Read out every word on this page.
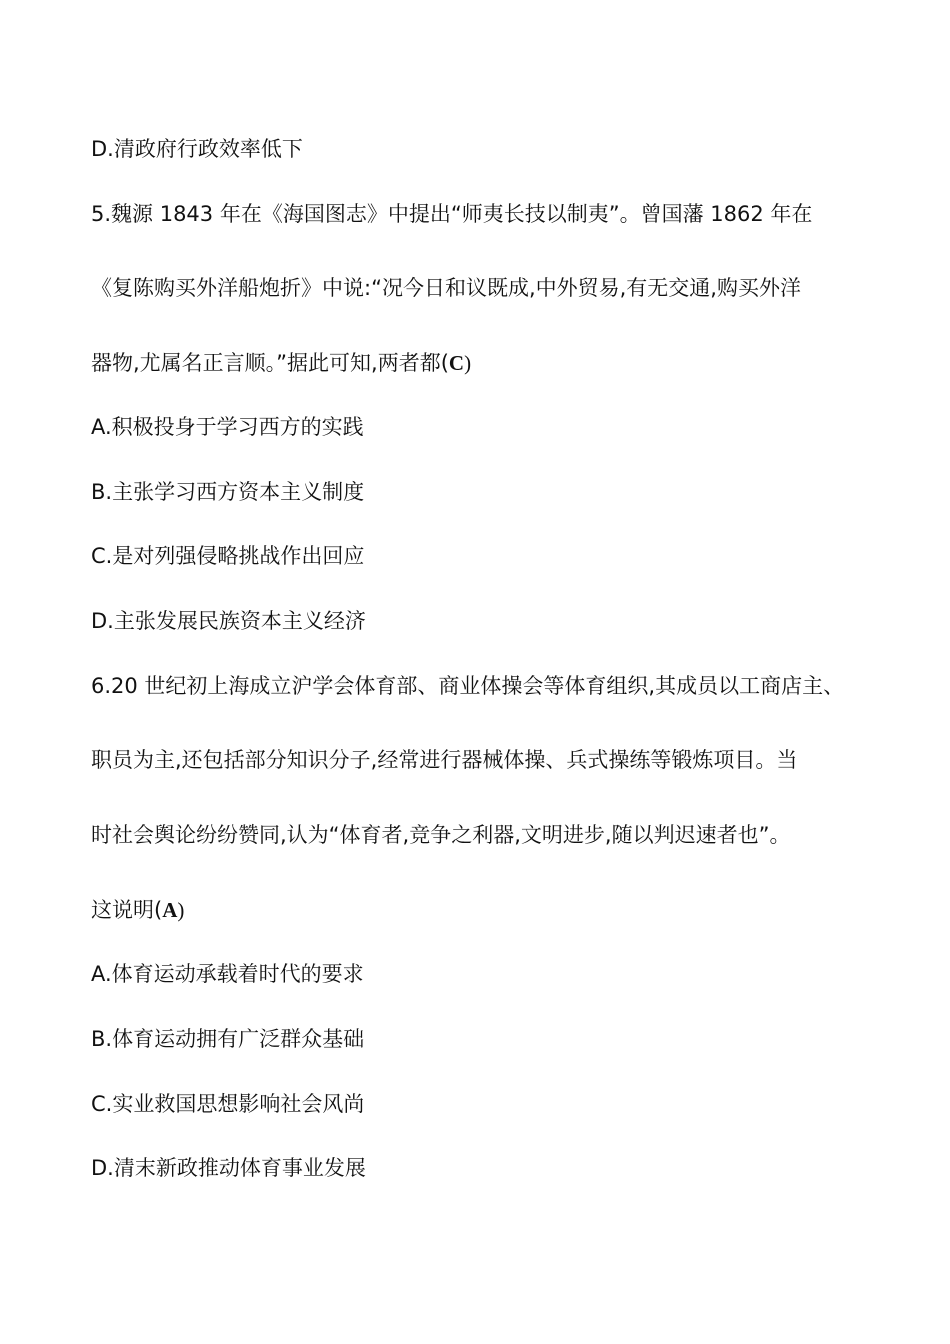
D.清政府行政效率低下

5.魏源 1843 年在《海国图志》中提出“师夷长技以制夷”。曾国藩 1862 年在

《复陈购买外洋船炮折》中说:“况今日和议既成,中外贸易,有无交通,购买外洋

器物,尤属名正言顺。”据此可知,两者都(C)

A.积极投身于学习西方的实践

B.主张学习西方资本主义制度

C.是对列强侵略挑战作出回应

D.主张发展民族资本主义经济

6.20 世纪初上海成立沪学会体育部、商业体操会等体育组织,其成员以工商店主、

职员为主,还包括部分知识分子,经常进行器械体操、兵式操练等锻炼项目。当

时社会舆论纷纷赞同,认为“体育者,竞争之利器,文明进步,随以判迟速者也”。

这说明(A)

A.体育运动承载着时代的要求

B.体育运动拥有广泛群众基础

C.实业救国思想影响社会风尚

D.清末新政推动体育事业发展
